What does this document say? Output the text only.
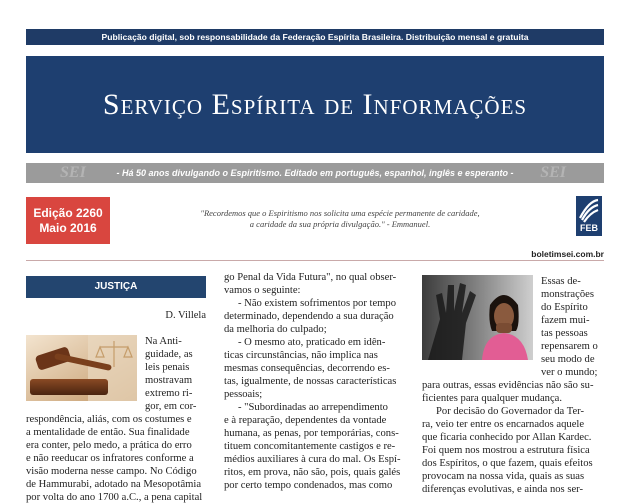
Publicação digital, sob responsabilidade da Federação Espírita Brasileira. Distribuição mensal e gratuita
Serviço Espírita de Informações
SEI	- Há 50 anos divulgando o Espiritismo. Editado em português, espanhol, inglês e esperanto - SEI
Edição 2260
Maio 2016
"Recordemos que o Espiritismo nos solicita uma espécie permanente de caridade,
a caridade da sua própria divulgação." - Emmanuel.	FEB
boletimsei.com.br
JUSTIÇA
D. Villela

Na Anti-

guidade, as

leis penais

mostravam

extremo ri-

gor, em cor-

respondência, aliás, com os costumes e

a mentalidade de então. Sua finalidade

era conter, pelo medo, a prática do erro

e não reeducar os infratores conforme a

visão moderna nesse campo. No Código

de Hammurabi, adotado na Mesopotâmia

por volta do ano 1700 a.C., a pena capital

go Penal da Vida Futura", no qual obser-

vamos o seguinte:

- Não existem sofrimentos por tempo

determinado, dependendo a sua duração

da melhoria do culpado;

- O mesmo ato, praticado em idên-

ticas circunstâncias, não implica nas

mesmas consequências, decorrendo es-

tas, igualmente, de nossas características

pessoais;

- "Subordinadas ao arrependimento

e à reparação, dependentes da vontade

humana, as penas, por temporárias, cons-

tituem concomitantemente castigos e re-

médios auxiliares à cura do mal. Os Espí-

ritos, em prova, não são, pois, quais galés

por certo tempo condenados, mas como

Essas de-

monstrações

do Espírito

fazem mui-

tas pessoas

repensarem o

seu modo de

ver o mundo;

para outras, essas evidências não são su-

ficientes para qualquer mudança.

Por decisão do Governador da Ter-

ra, veio ter entre os encarnados aquele

que ficaria conhecido por Allan Kardec.

Foi quem nos mostrou a estrutura física

dos Espíritos, o que fazem, quais efeitos

provocam na nossa vida, quais as suas

diferenças evolutivas, e ainda nos ser-
